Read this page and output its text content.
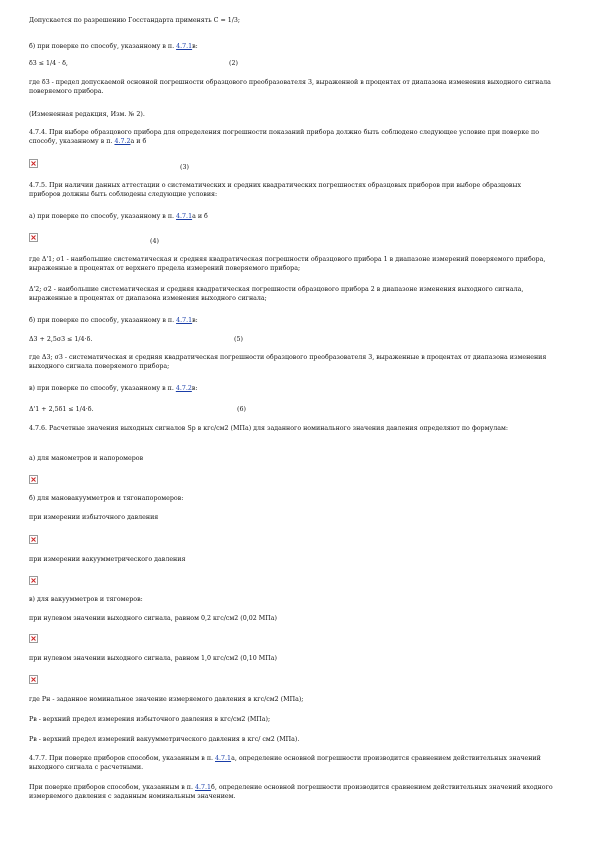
Допускается по разрешению Госстандарта применять С = 1/3;

б) при поверке по способу, указанному в п. 4.7.1в:

δЗ ≤ 1/4 · δ,	(2)

где δЗ - предел допускаемой основной погрешности образцового преобразователя 3, выраженной в процентах от диапазона изменения выходного сигнала поверяемого прибора.

(Измененная редакция, Изм. № 2).

4.7.4. При выборе образцового прибора для определения погрешности показаний прибора должно быть соблюдено следующее условие при поверке по способу, указанному в п. 4.7.2а и б

(3)

4.7.5. При наличии данных аттестации о систематических и средних квадратических погрешностях образцовых приборов при выборе образцовых приборов должны быть соблюдены следующие условия:

а) при поверке по способу, указанному в п. 4.7.1а и б

(4)

где Δ'1; σ1 - наибольшие систематическая и средняя квадратическая погрешности образцового прибора 1 в диапазоне измерений поверяемого прибора, выраженные в процентах от верхнего предела измерений поверяемого прибора;

Δ'2; σ2 - наибольшие систематическая и средняя квадратическая погрешности образцового прибора 2 в диапазоне изменения выходного сигнала, выраженные в процентах от диапазона изменения выходного сигнала;

б) при поверке по способу, указанному в п. 4.7.1в:

Δ3 + 2,5σ3 ≤ 1/4·δ.	(5)

где Δ3; σ3 - систематическая и средняя квадратическая погрешности образцового преобразователя 3, выраженные в процентах от диапазона изменения выходного сигнала поверяемого прибора;

в) при поверке по способу, указанному в п. 4.7.2в:

Δ'1 + 2,5δ1 ≤ 1/4·δ.	(6)

4.7.6. Расчетные значения выходных сигналов Sp в кгс/см2 (МПа) для заданного номинального значения давления определяют по формулам:

а) для манометров и напоромеров

б) для мановакуумметров и тягонапоромеров:

при измерении избыточного давления

при измерении вакуумметрического давления

в) для вакуумметров и тягомеров:

при нулевом значении выходного сигнала, равном 0,2 кгс/см2 (0,02 МПа)

при нулевом значении выходного сигнала, равном 1,0 кгс/см2 (0,10 МПа)

где Pн - заданное номинальное значение измеряемого давления в кгс/см2 (МПа);

Pв - верхний предел измерения избыточного давления в кгс/см2 (МПа);

Pв - верхний предел измерений вакуумметрического давления в кгс/ см2 (МПа).

4.7.7. При поверке приборов способом, указанным в п. 4.7.1а, определение основной погрешности производится сравнением действительных значений выходного сигнала с расчетными.

При поверке приборов способом, указанным в п. 4.7.1б, определение основной погрешности производится сравнением действительных значений входного измеряемого давления с заданным номинальным значением.
